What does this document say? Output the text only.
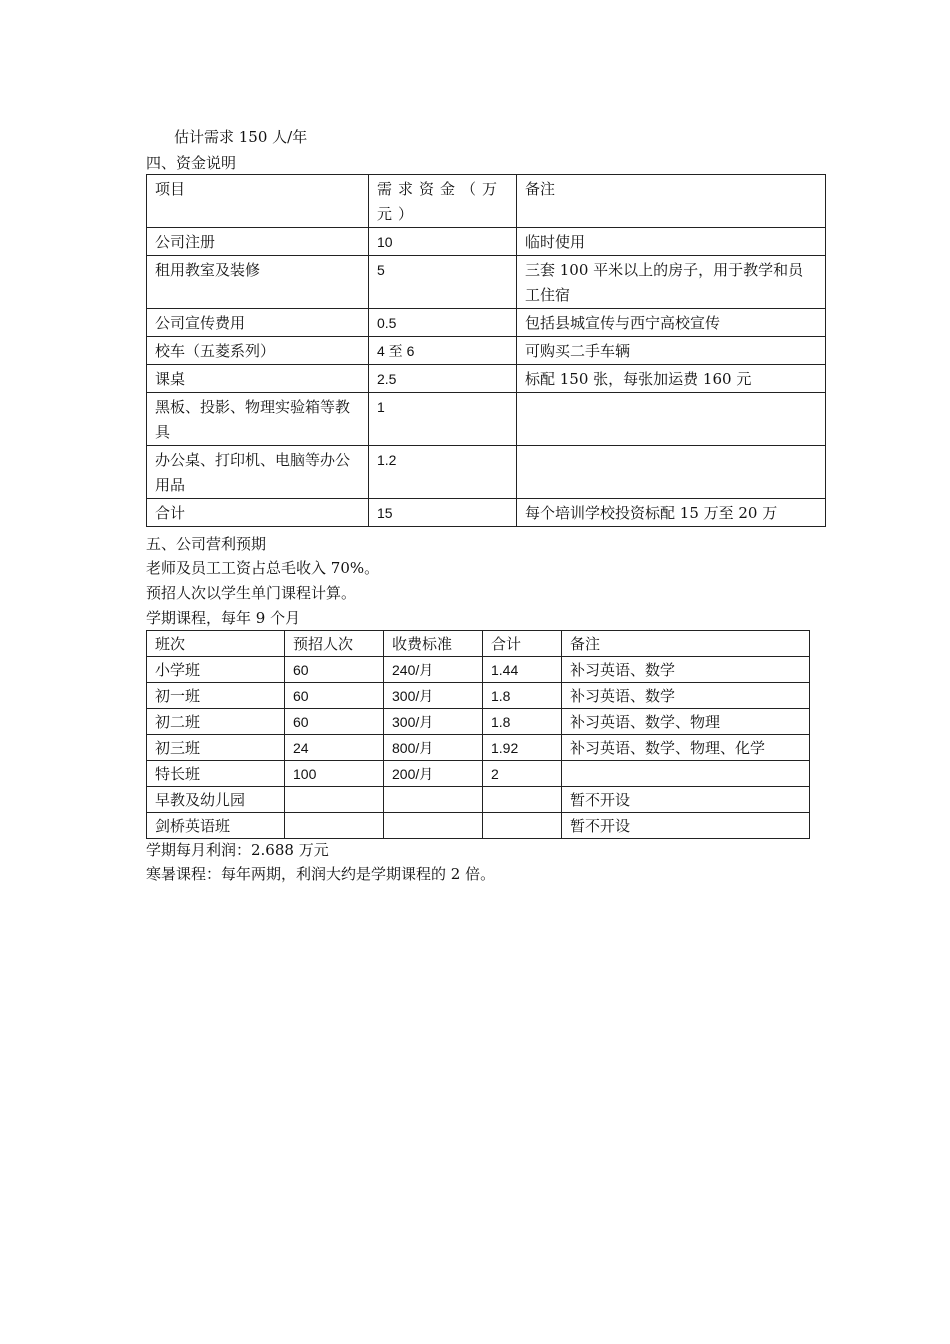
估计需求 150 人/年
四、资金说明
项目	需求资金（万元）	备注
公司注册	10	临时使用
租用教室及装修	5	三套 100 平米以上的房子，用于教学和员工住宿
公司宣传费用	0.5	包括县城宣传与西宁高校宣传
校车（五菱系列）	4 至 6	可购买二手车辆
课桌	2.5	标配 150 张，每张加运费 160 元
黑板、投影、物理实验箱等教具	1	
办公桌、打印机、电脑等办公用品	1.2	
合计	15	每个培训学校投资标配 15 万至 20 万
五、公司营利预期
老师及员工工资占总毛收入 70%。
预招人次以学生单门课程计算。
学期课程，每年 9 个月
班次	预招人次	收费标准	合计	备注
小学班	60	240/月	1.44	补习英语、数学
初一班	60	300/月	1.8	补习英语、数学
初二班	60	300/月	1.8	补习英语、数学、物理
初三班	24	800/月	1.92	补习英语、数学、物理、化学
特长班	100	200/月	2	
早教及幼儿园				暂不开设
剑桥英语班				暂不开设
学期每月利润：2.688 万元
寒暑课程：每年两期，利润大约是学期课程的 2 倍。
